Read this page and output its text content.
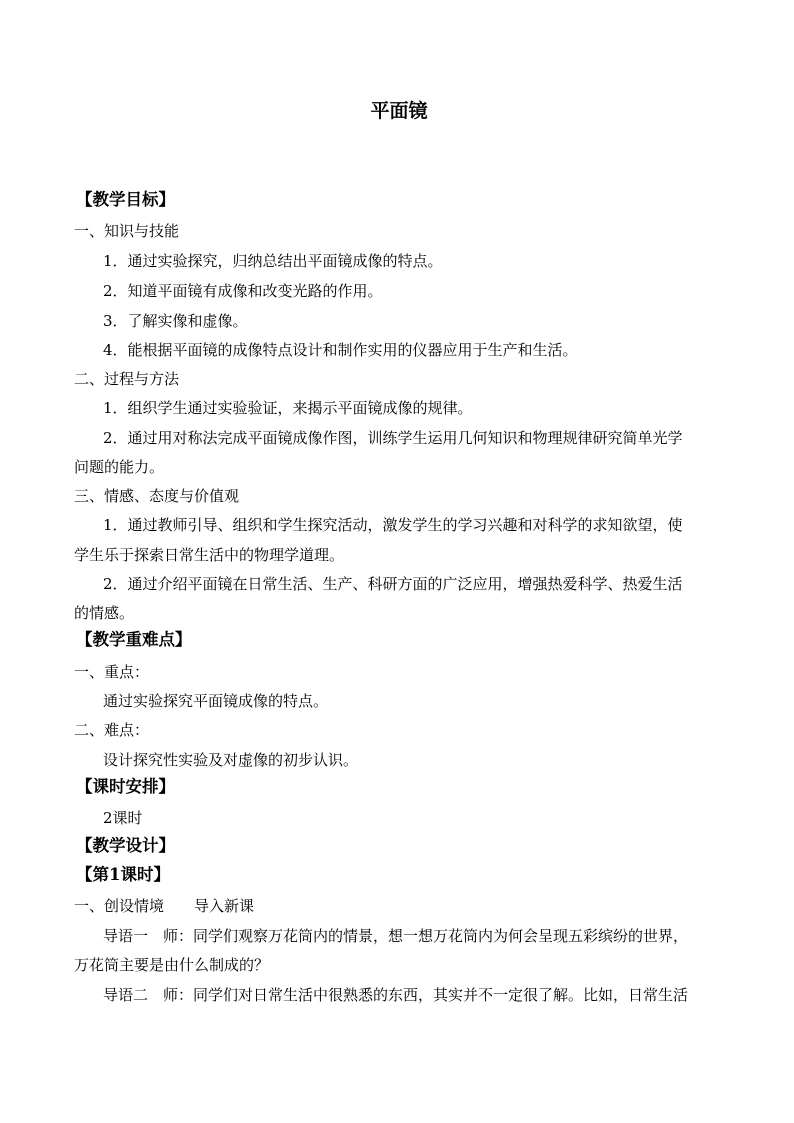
平面镜
【教学目标】
一、知识与技能
1．通过实验探究，归纳总结出平面镜成像的特点。
2．知道平面镜有成像和改变光路的作用。
3．了解实像和虚像。
4．能根据平面镜的成像特点设计和制作实用的仪器应用于生产和生活。
二、过程与方法
1．组织学生通过实验验证，来揭示平面镜成像的规律。
2．通过用对称法完成平面镜成像作图，训练学生运用几何知识和物理规律研究简单光学
问题的能力。
三、情感、态度与价值观
1．通过教师引导、组织和学生探究活动，激发学生的学习兴趣和对科学的求知欲望，使
学生乐于探索日常生活中的物理学道理。
2．通过介绍平面镜在日常生活、生产、科研方面的广泛应用，增强热爱科学、热爱生活
的情感。
【教学重难点】
一、重点：
通过实验探究平面镜成像的特点。
二、难点：
设计探究性实验及对虚像的初步认识。
【课时安排】
2课时
【教学设计】
【第1课时】
一、创设情境　　导入新课
导语一　师：同学们观察万花筒内的情景，想一想万花筒内为何会呈现五彩缤纷的世界，
万花筒主要是由什么制成的？
导语二　师：同学们对日常生活中很熟悉的东西，其实并不一定很了解。比如，日常生活
